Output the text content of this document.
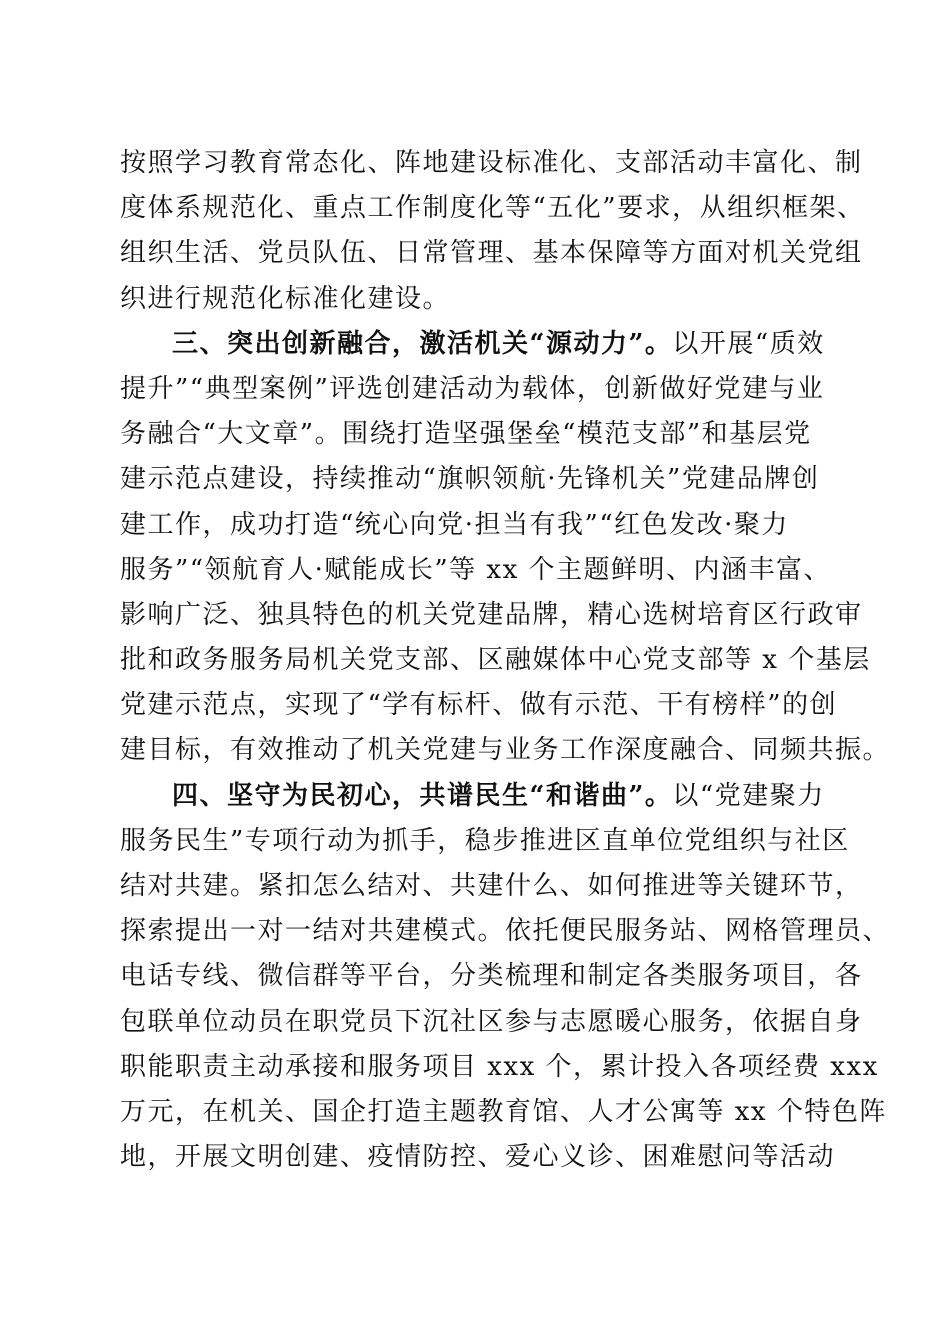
按照学习教育常态化、阵地建设标准化、支部活动丰富化、制
度体系规范化、重点工作制度化等“五化”要求，从组织框架、
组织生活、党员队伍、日常管理、基本保障等方面对机关党组
织进行规范化标准化建设。
三、突出创新融合，激活机关“源动力”。以开展“质效
提升”“典型案例”评选创建活动为载体，创新做好党建与业
务融合“大文章”。围绕打造坚强堡垒“模范支部”和基层党
建示范点建设，持续推动“旗帜领航·先锋机关”党建品牌创
建工作，成功打造“统心向党·担当有我”“红色发改·聚力
服务”“领航育人·赋能成长”等 xx 个主题鲜明、内涵丰富、
影响广泛、独具特色的机关党建品牌，精心选树培育区行政审
批和政务服务局机关党支部、区融媒体中心党支部等 x 个基层
党建示范点，实现了“学有标杆、做有示范、干有榜样”的创
建目标，有效推动了机关党建与业务工作深度融合、同频共振。
四、坚守为民初心，共谱民生“和谐曲”。以“党建聚力
服务民生”专项行动为抓手，稳步推进区直单位党组织与社区
结对共建。紧扣怎么结对、共建什么、如何推进等关键环节，
探索提出一对一结对共建模式。依托便民服务站、网格管理员、
电话专线、微信群等平台，分类梳理和制定各类服务项目，各
包联单位动员在职党员下沉社区参与志愿暖心服务，依据自身
职能职责主动承接和服务项目 xxx 个，累计投入各项经费 xxx
万元，在机关、国企打造主题教育馆、人才公寓等 xx 个特色阵
地，开展文明创建、疫情防控、爱心义诊、困难慰问等活动
